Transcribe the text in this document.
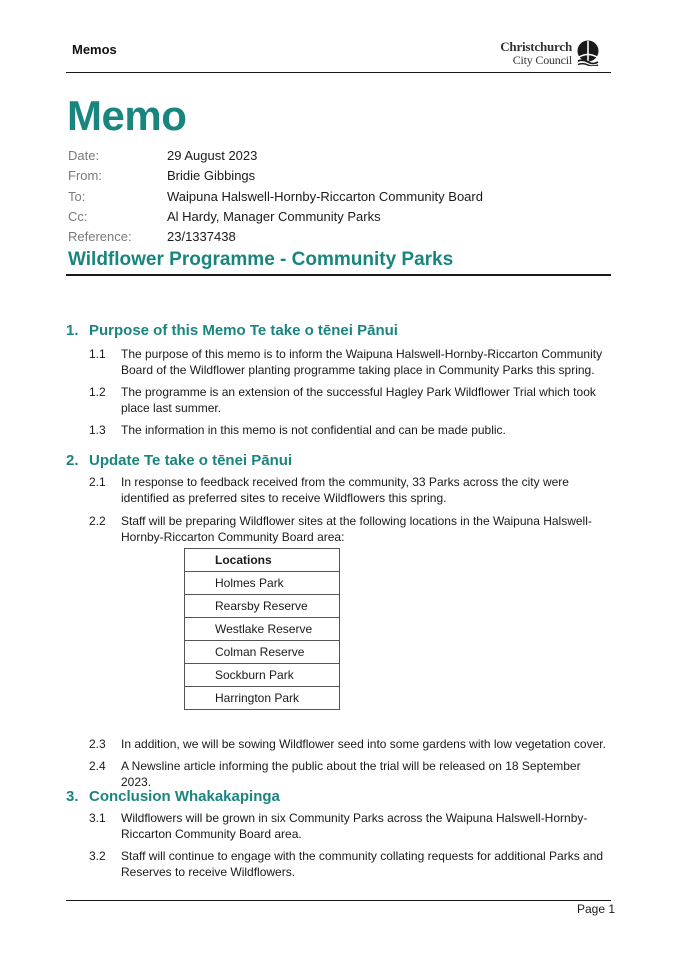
Memos	Christchurch
City Council
Memo
Date:	29 August 2023
From:	Bridie Gibbings
To:	Waipuna Halswell-Hornby-Riccarton Community Board
Cc:	Al Hardy, Manager Community Parks
Reference:	23/1337438
Wildflower Programme - Community Parks
1. Purpose of this Memo Te take o tēnei Pānui
1.1 The purpose of this memo is to inform the Waipuna Halswell-Hornby-Riccarton Community Board of the Wildflower planting programme taking place in Community Parks this spring.
1.2 The programme is an extension of the successful Hagley Park Wildflower Trial which took place last summer.
1.3 The information in this memo is not confidential and can be made public.
2. Update Te take o tēnei Pānui
2.1 In response to feedback received from the community, 33 Parks across the city were identified as preferred sites to receive Wildflowers this spring.
2.2 Staff will be preparing Wildflower sites at the following locations in the Waipuna Halswell-Hornby-Riccarton Community Board area:
Locations
Holmes Park
Rearsby Reserve
Westlake Reserve
Colman Reserve
Sockburn Park
Harrington Park
2.3 In addition, we will be sowing Wildflower seed into some gardens with low vegetation cover.
2.4 A Newsline article informing the public about the trial will be released on 18 September 2023.
3. Conclusion Whakakapinga
3.1 Wildflowers will be grown in six Community Parks across the Waipuna Halswell-Hornby-Riccarton Community Board area.
3.2 Staff will continue to engage with the community collating requests for additional Parks and Reserves to receive Wildflowers.
Page 1
